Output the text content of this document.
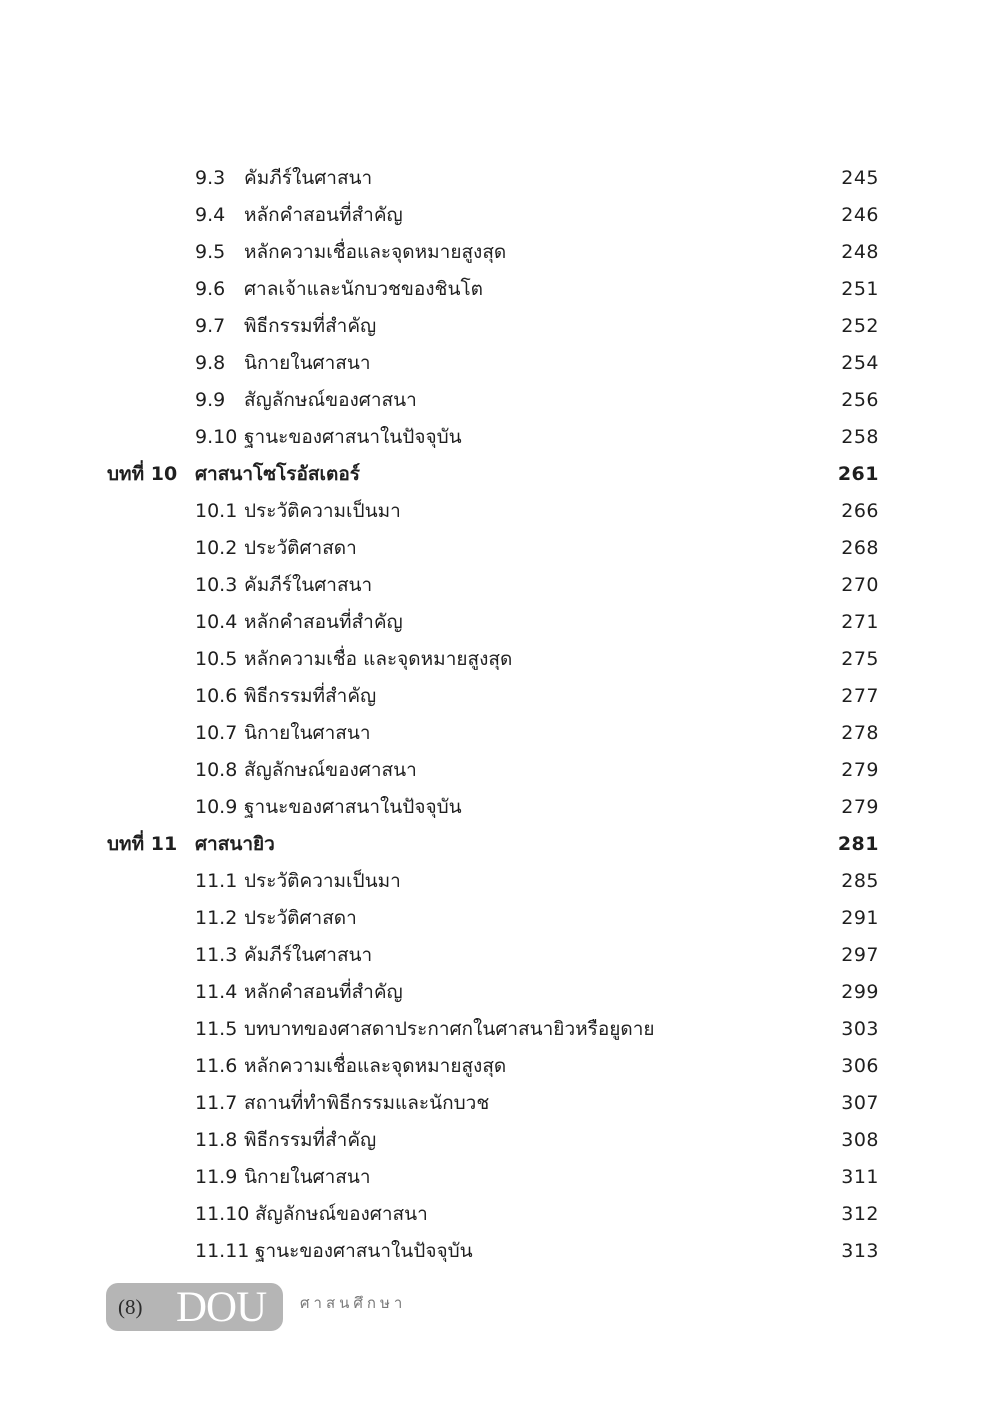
9.3 คัมภีร์ในศาสนา	245
9.4 หลักคำสอนที่สำคัญ	246
9.5 หลักความเชื่อและจุดหมายสูงสุด	248
9.6 ศาลเจ้าและนักบวชของชินโต	251
9.7 พิธีกรรมที่สำคัญ	252
9.8 นิกายในศาสนา	254
9.9 สัญลักษณ์ของศาสนา	256
9.10 ฐานะของศาสนาในปัจจุบัน	258
บทที่ 10 ศาสนาโซโรอัสเตอร์	261
10.1 ประวัติความเป็นมา	266
10.2 ประวัติศาสดา	268
10.3 คัมภีร์ในศาสนา	270
10.4 หลักคำสอนที่สำคัญ	271
10.5 หลักความเชื่อ และจุดหมายสูงสุด	275
10.6 พิธีกรรมที่สำคัญ	277
10.7 นิกายในศาสนา	278
10.8 สัญลักษณ์ของศาสนา	279
10.9 ฐานะของศาสนาในปัจจุบัน	279
บทที่ 11 ศาสนายิว	281
11.1 ประวัติความเป็นมา	285
11.2 ประวัติศาสดา	291
11.3 คัมภีร์ในศาสนา	297
11.4 หลักคำสอนที่สำคัญ	299
11.5 บทบาทของศาสดาประกาศกในศาสนายิวหรือยูดาย	303
11.6 หลักความเชื่อและจุดหมายสูงสุด	306
11.7 สถานที่ทำพิธีกรรมและนักบวช	307
11.8 พิธีกรรมที่สำคัญ	308
11.9 นิกายในศาสนา	311
11.10 สัญลักษณ์ของศาสนา	312
11.11 ฐานะของศาสนาในปัจจุบัน	313
(8) DOU ศาสนศึกษา
